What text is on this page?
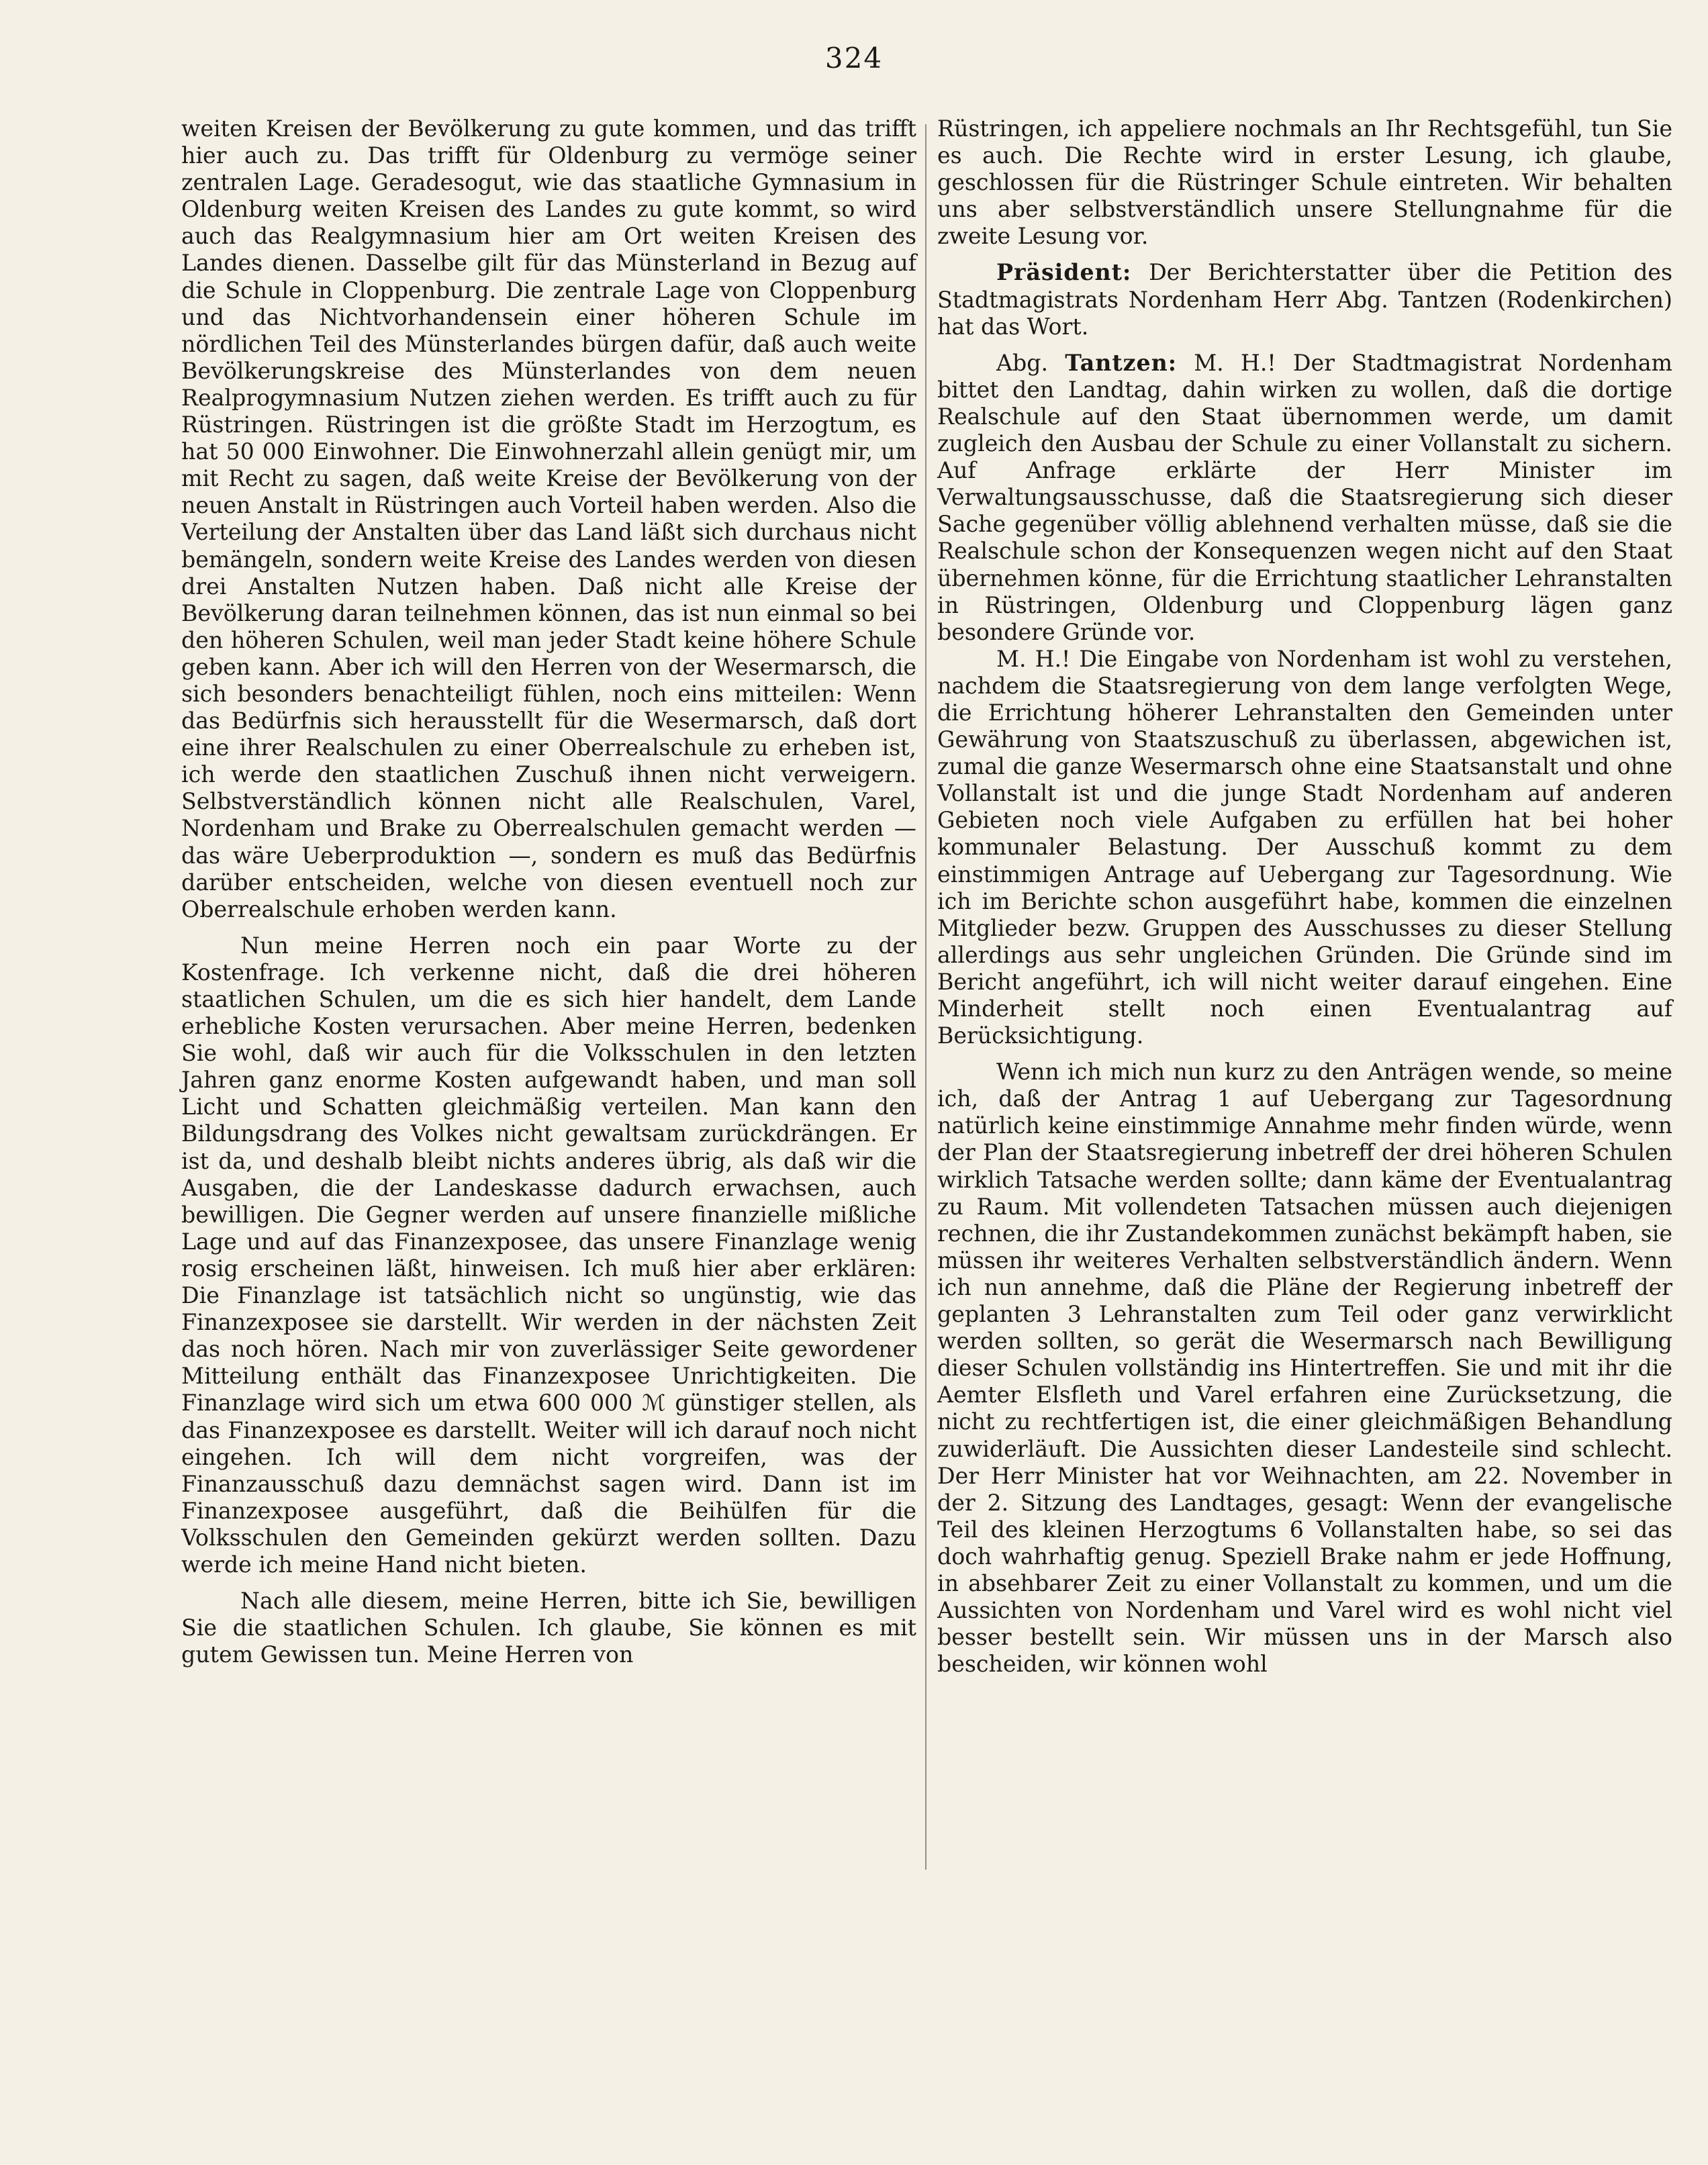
324

weiten Kreisen der Bevölkerung zu gute kommen, und das trifft hier auch zu. Das trifft für Oldenburg zu vermöge seiner zentralen Lage. Geradesogut, wie das staatliche Gymnasium in Oldenburg weiten Kreisen des Landes zu gute kommt, so wird auch das Realgymnasium hier am Ort weiten Kreisen des Landes dienen. Dasselbe gilt für das Münsterland in Bezug auf die Schule in Cloppenburg. Die zentrale Lage von Cloppenburg und das Nichtvorhandensein einer höheren Schule im nördlichen Teil des Münsterlandes bürgen dafür, daß auch weite Bevölkerungskreise des Münsterlandes von dem neuen Realprogymnasium Nutzen ziehen werden. Es trifft auch zu für Rüstringen. Rüstringen ist die größte Stadt im Herzogtum, es hat 50 000 Einwohner. Die Einwohnerzahl allein genügt mir, um mit Recht zu sagen, daß weite Kreise der Bevölkerung von der neuen Anstalt in Rüstringen auch Vorteil haben werden. Also die Verteilung der Anstalten über das Land läßt sich durchaus nicht bemängeln, sondern weite Kreise des Landes werden von diesen drei Anstalten Nutzen haben. Daß nicht alle Kreise der Bevölkerung daran teilnehmen können, das ist nun einmal so bei den höheren Schulen, weil man jeder Stadt keine höhere Schule geben kann. Aber ich will den Herren von der Wesermarsch, die sich besonders benachteiligt fühlen, noch eins mitteilen: Wenn das Bedürfnis sich herausstellt für die Wesermarsch, daß dort eine ihrer Realschulen zu einer Oberrealschule zu erheben ist, ich werde den staatlichen Zuschuß ihnen nicht verweigern. Selbstverständlich können nicht alle Realschulen, Varel, Nordenham und Brake zu Oberrealschulen gemacht werden — das wäre Ueberproduktion —, sondern es muß das Bedürfnis darüber entscheiden, welche von diesen eventuell noch zur Oberrealschule erhoben werden kann.

Nun meine Herren noch ein paar Worte zu der Kostenfrage. Ich verkenne nicht, daß die drei höheren staatlichen Schulen, um die es sich hier handelt, dem Lande erhebliche Kosten verursachen. Aber meine Herren, bedenken Sie wohl, daß wir auch für die Volksschulen in den letzten Jahren ganz enorme Kosten aufgewandt haben, und man soll Licht und Schatten gleichmäßig verteilen. Man kann den Bildungsdrang des Volkes nicht gewaltsam zurückdrängen. Er ist da, und deshalb bleibt nichts anderes übrig, als daß wir die Ausgaben, die der Landeskasse dadurch erwachsen, auch bewilligen. Die Gegner werden auf unsere finanzielle mißliche Lage und auf das Finanzexposee, das unsere Finanzlage wenig rosig erscheinen läßt, hinweisen. Ich muß hier aber erklären: Die Finanzlage ist tatsächlich nicht so ungünstig, wie das Finanzexposee sie darstellt. Wir werden in der nächsten Zeit das noch hören. Nach mir von zuverlässiger Seite gewordener Mitteilung enthält das Finanzexposee Unrichtigkeiten. Die Finanzlage wird sich um etwa 600 000 ℳ günstiger stellen, als das Finanzexposee es darstellt. Weiter will ich darauf noch nicht eingehen. Ich will dem nicht vorgreifen, was der Finanzausschuß dazu demnächst sagen wird. Dann ist im Finanzexposee ausgeführt, daß die Beihülfen für die Volksschulen den Gemeinden gekürzt werden sollten. Dazu werde ich meine Hand nicht bieten.

Nach alle diesem, meine Herren, bitte ich Sie, bewilligen Sie die staatlichen Schulen. Ich glaube, Sie können es mit gutem Gewissen tun. Meine Herren von

Rüstringen, ich appeliere nochmals an Ihr Rechtsgefühl, tun Sie es auch. Die Rechte wird in erster Lesung, ich glaube, geschlossen für die Rüstringer Schule eintreten. Wir behalten uns aber selbstverständlich unsere Stellungnahme für die zweite Lesung vor.

Präsident: Der Berichterstatter über die Petition des Stadtmagistrats Nordenham Herr Abg. Tantzen (Rodenkirchen) hat das Wort.

Abg. Tantzen: M. H.! Der Stadtmagistrat Nordenham bittet den Landtag, dahin wirken zu wollen, daß die dortige Realschule auf den Staat übernommen werde, um damit zugleich den Ausbau der Schule zu einer Vollanstalt zu sichern. Auf Anfrage erklärte der Herr Minister im Verwaltungsausschusse, daß die Staatsregierung sich dieser Sache gegenüber völlig ablehnend verhalten müsse, daß sie die Realschule schon der Konsequenzen wegen nicht auf den Staat übernehmen könne, für die Errichtung staatlicher Lehranstalten in Rüstringen, Oldenburg und Cloppenburg lägen ganz besondere Gründe vor.

M. H.! Die Eingabe von Nordenham ist wohl zu verstehen, nachdem die Staatsregierung von dem lange verfolgten Wege, die Errichtung höherer Lehranstalten den Gemeinden unter Gewährung von Staatszuschuß zu überlassen, abgewichen ist, zumal die ganze Wesermarsch ohne eine Staatsanstalt und ohne Vollanstalt ist und die junge Stadt Nordenham auf anderen Gebieten noch viele Aufgaben zu erfüllen hat bei hoher kommunaler Belastung. Der Ausschuß kommt zu dem einstimmigen Antrage auf Uebergang zur Tagesordnung. Wie ich im Berichte schon ausgeführt habe, kommen die einzelnen Mitglieder bezw. Gruppen des Ausschusses zu dieser Stellung allerdings aus sehr ungleichen Gründen. Die Gründe sind im Bericht angeführt, ich will nicht weiter darauf eingehen. Eine Minderheit stellt noch einen Eventualantrag auf Berücksichtigung.

Wenn ich mich nun kurz zu den Anträgen wende, so meine ich, daß der Antrag 1 auf Uebergang zur Tagesordnung natürlich keine einstimmige Annahme mehr finden würde, wenn der Plan der Staatsregierung inbetreff der drei höheren Schulen wirklich Tatsache werden sollte; dann käme der Eventualantrag zu Raum. Mit vollendeten Tatsachen müssen auch diejenigen rechnen, die ihr Zustandekommen zunächst bekämpft haben, sie müssen ihr weiteres Verhalten selbstverständlich ändern. Wenn ich nun annehme, daß die Pläne der Regierung inbetreff der geplanten 3 Lehranstalten zum Teil oder ganz verwirklicht werden sollten, so gerät die Wesermarsch nach Bewilligung dieser Schulen vollständig ins Hintertreffen. Sie und mit ihr die Aemter Elsfleth und Varel erfahren eine Zurücksetzung, die nicht zu rechtfertigen ist, die einer gleichmäßigen Behandlung zuwiderläuft. Die Aussichten dieser Landesteile sind schlecht. Der Herr Minister hat vor Weihnachten, am 22. November in der 2. Sitzung des Landtages, gesagt: Wenn der evangelische Teil des kleinen Herzogtums 6 Vollanstalten habe, so sei das doch wahrhaftig genug. Speziell Brake nahm er jede Hoffnung, in absehbarer Zeit zu einer Vollanstalt zu kommen, und um die Aussichten von Nordenham und Varel wird es wohl nicht viel besser bestellt sein. Wir müssen uns in der Marsch also bescheiden, wir können wohl
